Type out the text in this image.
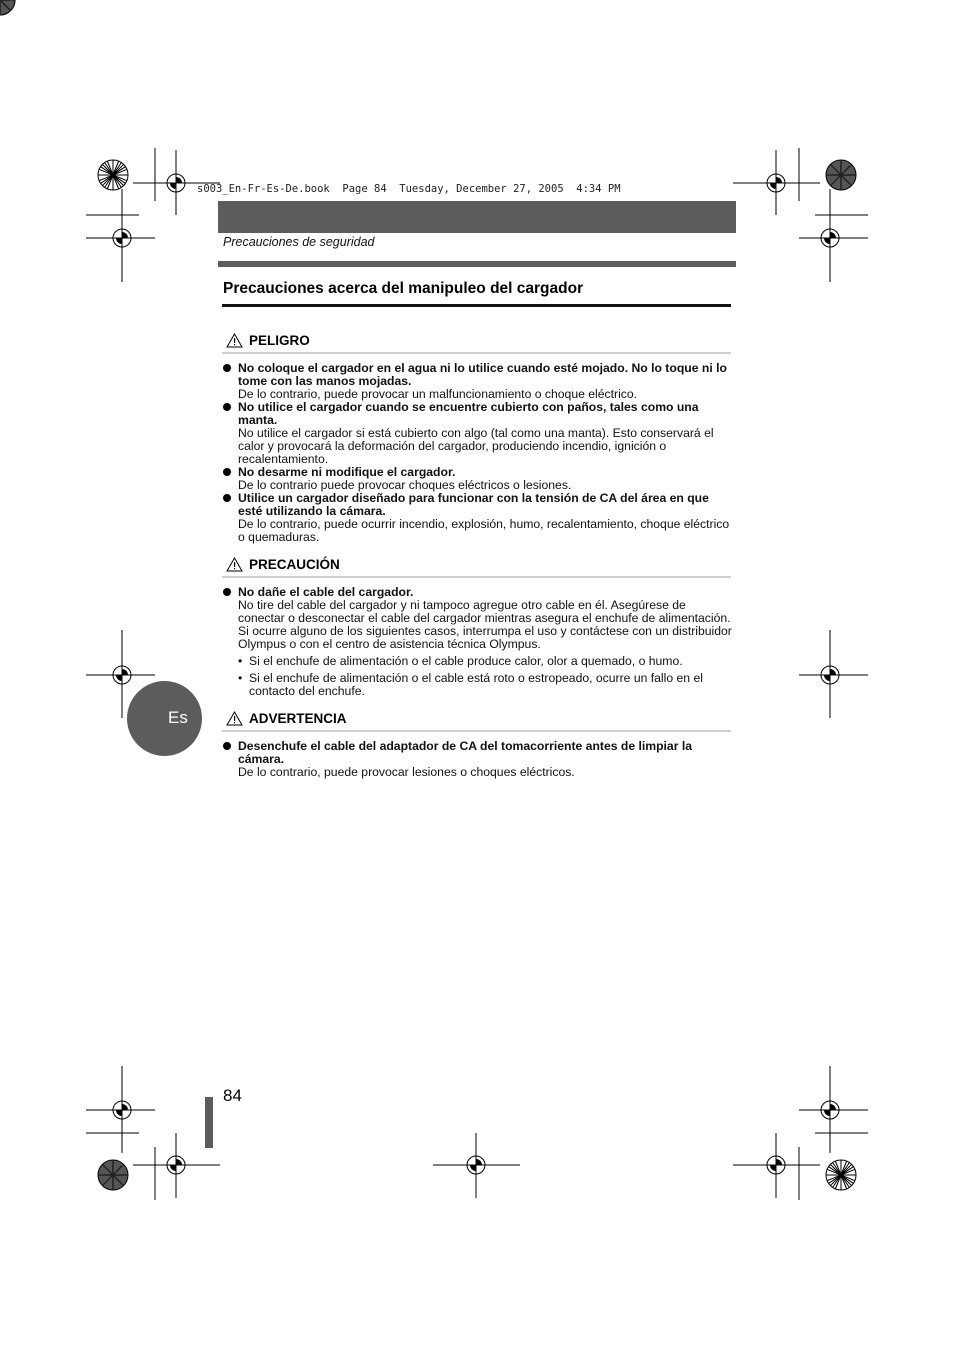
s003_En-Fr-Es-De.book  Page 84  Tuesday, December 27, 2005  4:34 PM
Precauciones de seguridad
Precauciones acerca del manipuleo del cargador
PELIGRO
No coloque el cargador en el agua ni lo utilice cuando esté mojado. No lo toque ni lo tome con las manos mojadas.
De lo contrario, puede provocar un malfuncionamiento o choque eléctrico.
No utilice el cargador cuando se encuentre cubierto con paños, tales como una manta.
No utilice el cargador si está cubierto con algo (tal como una manta). Esto conservará el calor y provocará la deformación del cargador, produciendo incendio, ignición o recalentamiento.
No desarme ni modifique el cargador.
De lo contrario puede provocar choques eléctricos o lesiones.
Utilice un cargador diseñado para funcionar con la tensión de CA del área en que esté utilizando la cámara.
De lo contrario, puede ocurrir incendio, explosión, humo, recalentamiento, choque eléctrico o quemaduras.
PRECAUCIÓN
No dañe el cable del cargador.
No tire del cable del cargador y ni tampoco agregue otro cable en él. Asegúrese de conectar o desconectar el cable del cargador mientras asegura el enchufe de alimentación. Si ocurre alguno de los siguientes casos, interrumpa el uso y contáctese con un distribuidor Olympus o con el centro de asistencia técnica Olympus.
• Si el enchufe de alimentación o el cable produce calor, olor a quemado, o humo.
• Si el enchufe de alimentación o el cable está roto o estropeado, ocurre un fallo en el contacto del enchufe.
ADVERTENCIA
Desenchufe el cable del adaptador de CA del tomacorriente antes de limpiar la cámara.
De lo contrario, puede provocar lesiones o choques eléctricos.
Es
84
